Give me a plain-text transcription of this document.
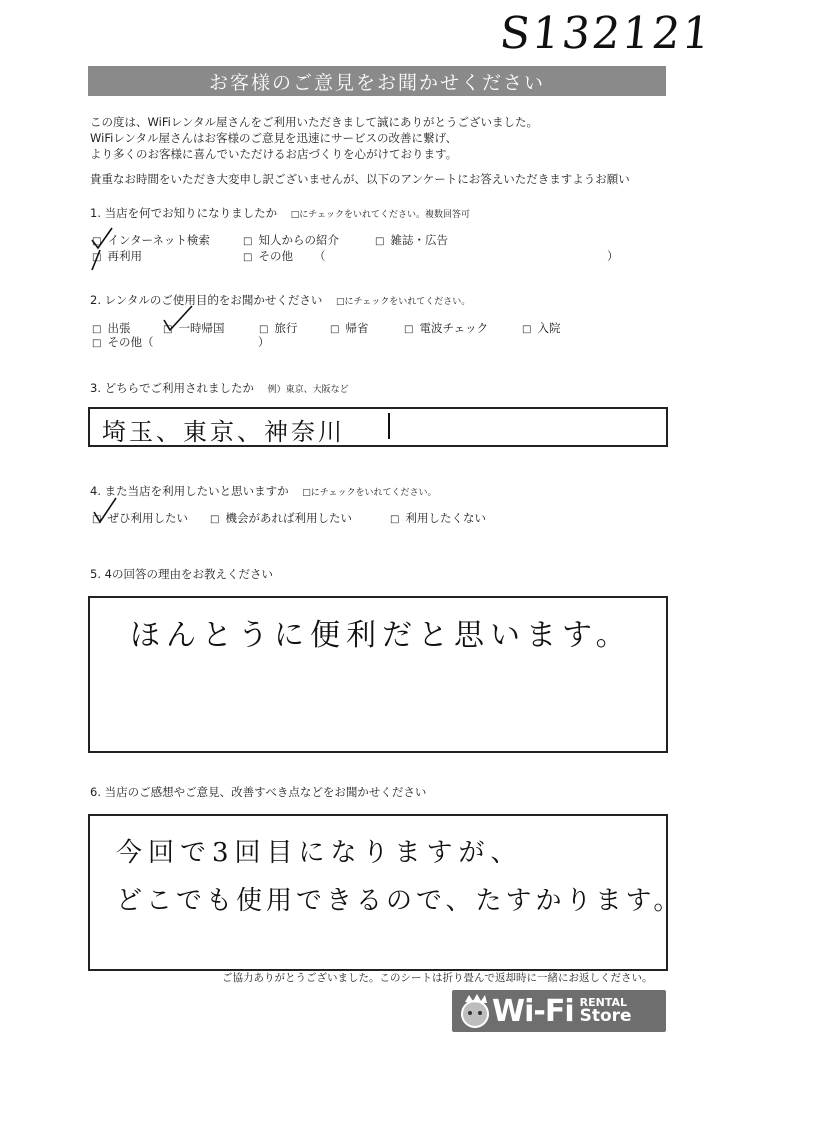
S132121
お客様のご意見をお聞かせください
この度は、WiFiレンタル屋さんをご利用いただきまして誠にありがとうございました。
WiFiレンタル屋さんはお客様のご意見を迅速にサービスの改善に繋げ、
より多くのお客様に喜んでいただけるお店づくりを心がけております。
貴重なお時間をいただき大変申し訳ございませんが、以下のアンケートにお答えいただきますようお願い
1. 当店を何でお知りになりましたか □にチェックをいれてください。複数回答可
□ インターネット検索	□ 知人からの紹介	□ 雑誌・広告
□ 再利用	□ その他 （	）
2. レンタルのご使用目的をお聞かせください □にチェックをいれてください。
□ 出張	□ 一時帰国	□ 旅行	□ 帰省	□ 電波チェック	□ 入院
□ その他（	）
3. どちらでご利用されましたか 例）東京、大阪など
埼玉、東京、神奈川
4. また当店を利用したいと思いますか □にチェックをいれてください。
□ ぜひ利用したい □ 機会があれば利用したい	□ 利用したくない
5. 4の回答の理由をお教えください
ほんとうに便利だと思います。
6. 当店のご感想やご意見、改善すべき点などをお聞かせください
今回で3回目になりますが、
どこでも使用できるので、たすかります。
ご協力ありがとうございました。このシートは折り畳んで返却時に一緒にお返しください。
Wi-Fi RENTAL
Store
